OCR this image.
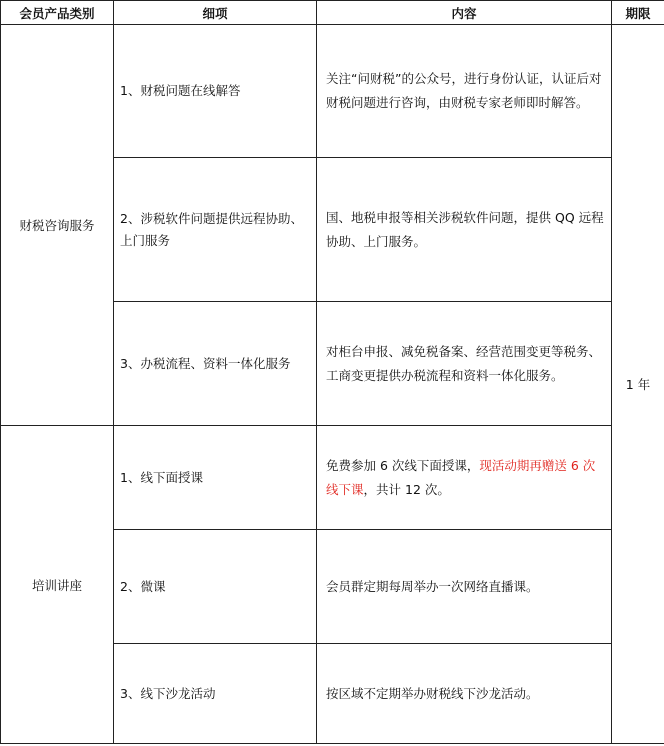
会员产品类别	细项	内容	期限
财税咨询服务	1、财税问题在线解答	关注“问财税”的公众号，进行身份认证，认证后对财税问题进行咨询，由财税专家老师即时解答。	1 年
	2、涉税软件问题提供远程协助、上门服务	国、地税申报等相关涉税软件问题，提供 QQ 远程协助、上门服务。	
	3、办税流程、资料一体化服务	对柜台申报、减免税备案、经营范围变更等税务、工商变更提供办税流程和资料一体化服务。	
培训讲座	1、线下面授课	免费参加 6 次线下面授课，现活动期再赠送 6 次线下课，共计 12 次。	
	2、微课	会员群定期每周举办一次网络直播课。	
	3、线下沙龙活动	按区域不定期举办财税线下沙龙活动。	
